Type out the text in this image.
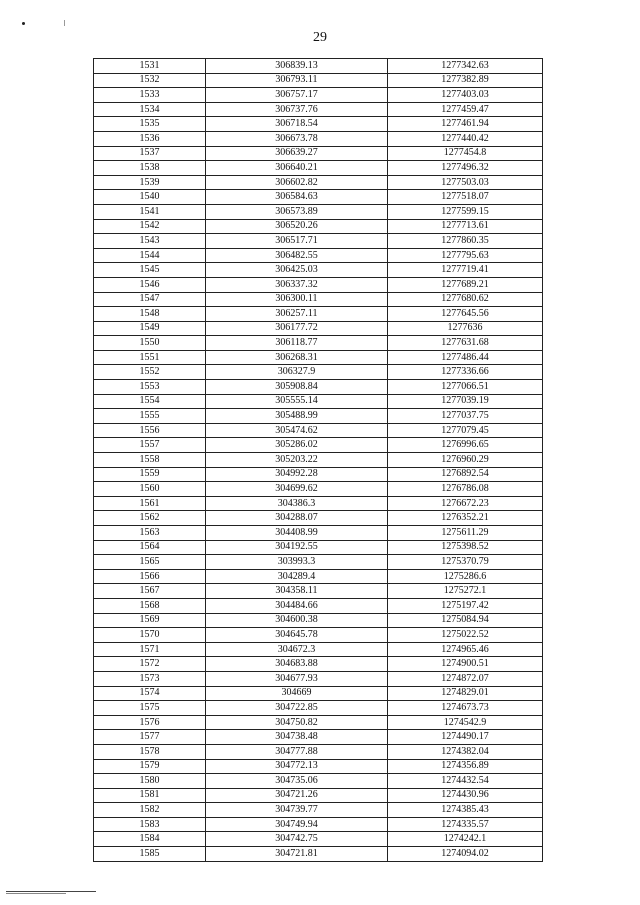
29
1531	306839.13	1277342.63
1532	306793.11	1277382.89
1533	306757.17	1277403.03
1534	306737.76	1277459.47
1535	306718.54	1277461.94
1536	306673.78	1277440.42
1537	306639.27	1277454.8
1538	306640.21	1277496.32
1539	306602.82	1277503.03
1540	306584.63	1277518.07
1541	306573.89	1277599.15
1542	306520.26	1277713.61
1543	306517.71	1277860.35
1544	306482.55	1277795.63
1545	306425.03	1277719.41
1546	306337.32	1277689.21
1547	306300.11	1277680.62
1548	306257.11	1277645.56
1549	306177.72	1277636
1550	306118.77	1277631.68
1551	306268.31	1277486.44
1552	306327.9	1277336.66
1553	305908.84	1277066.51
1554	305555.14	1277039.19
1555	305488.99	1277037.75
1556	305474.62	1277079.45
1557	305286.02	1276996.65
1558	305203.22	1276960.29
1559	304992.28	1276892.54
1560	304699.62	1276786.08
1561	304386.3	1276672.23
1562	304288.07	1276352.21
1563	304408.99	1275611.29
1564	304192.55	1275398.52
1565	303993.3	1275370.79
1566	304289.4	1275286.6
1567	304358.11	1275272.1
1568	304484.66	1275197.42
1569	304600.38	1275084.94
1570	304645.78	1275022.52
1571	304672.3	1274965.46
1572	304683.88	1274900.51
1573	304677.93	1274872.07
1574	304669	1274829.01
1575	304722.85	1274673.73
1576	304750.82	1274542.9
1577	304738.48	1274490.17
1578	304777.88	1274382.04
1579	304772.13	1274356.89
1580	304735.06	1274432.54
1581	304721.26	1274430.96
1582	304739.77	1274385.43
1583	304749.94	1274335.57
1584	304742.75	1274242.1
1585	304721.81	1274094.02
